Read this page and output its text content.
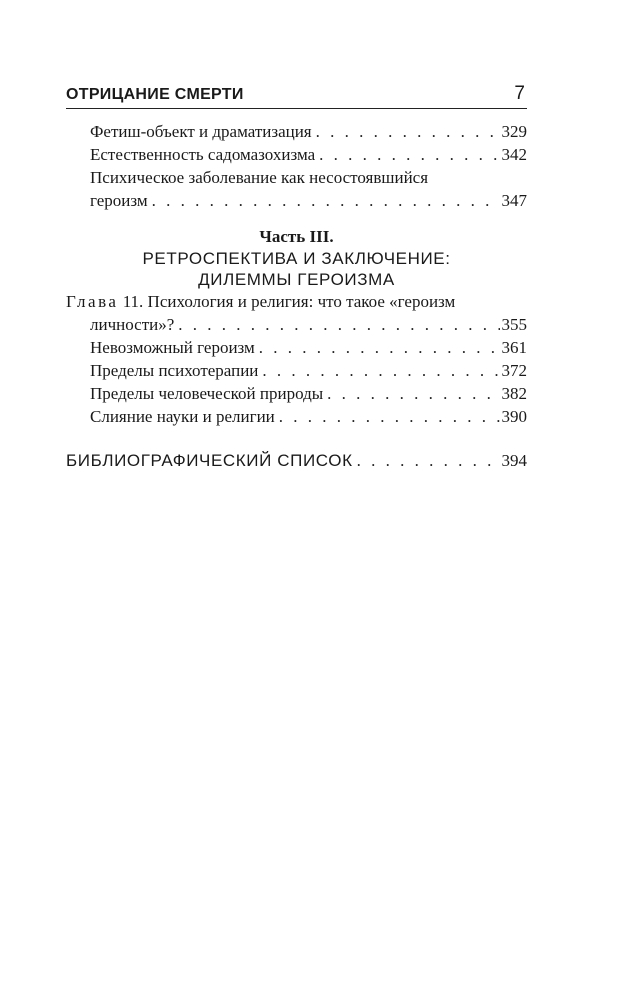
ОТРИЦАНИЕ СМЕРТИ	7
Фетиш-объект и драматизация . . .	329
Естественность садомазохизма . . .	342
Психическое заболевание как несостоявшийся
героизм . . .	347
Часть III.
РЕТРОСПЕКТИВА И ЗАКЛЮЧЕНИЕ:
ДИЛЕММЫ ГЕРОИЗМА
Глава 11. Психология и религия: что такое «героизм
личности»? . . .	355
Невозможный героизм . . .	361
Пределы психотерапии . . .	372
Пределы человеческой природы . . .	382
Слияние науки и религии . . .	390
БИБЛИОГРАФИЧЕСКИЙ СПИСОК . . .	394
